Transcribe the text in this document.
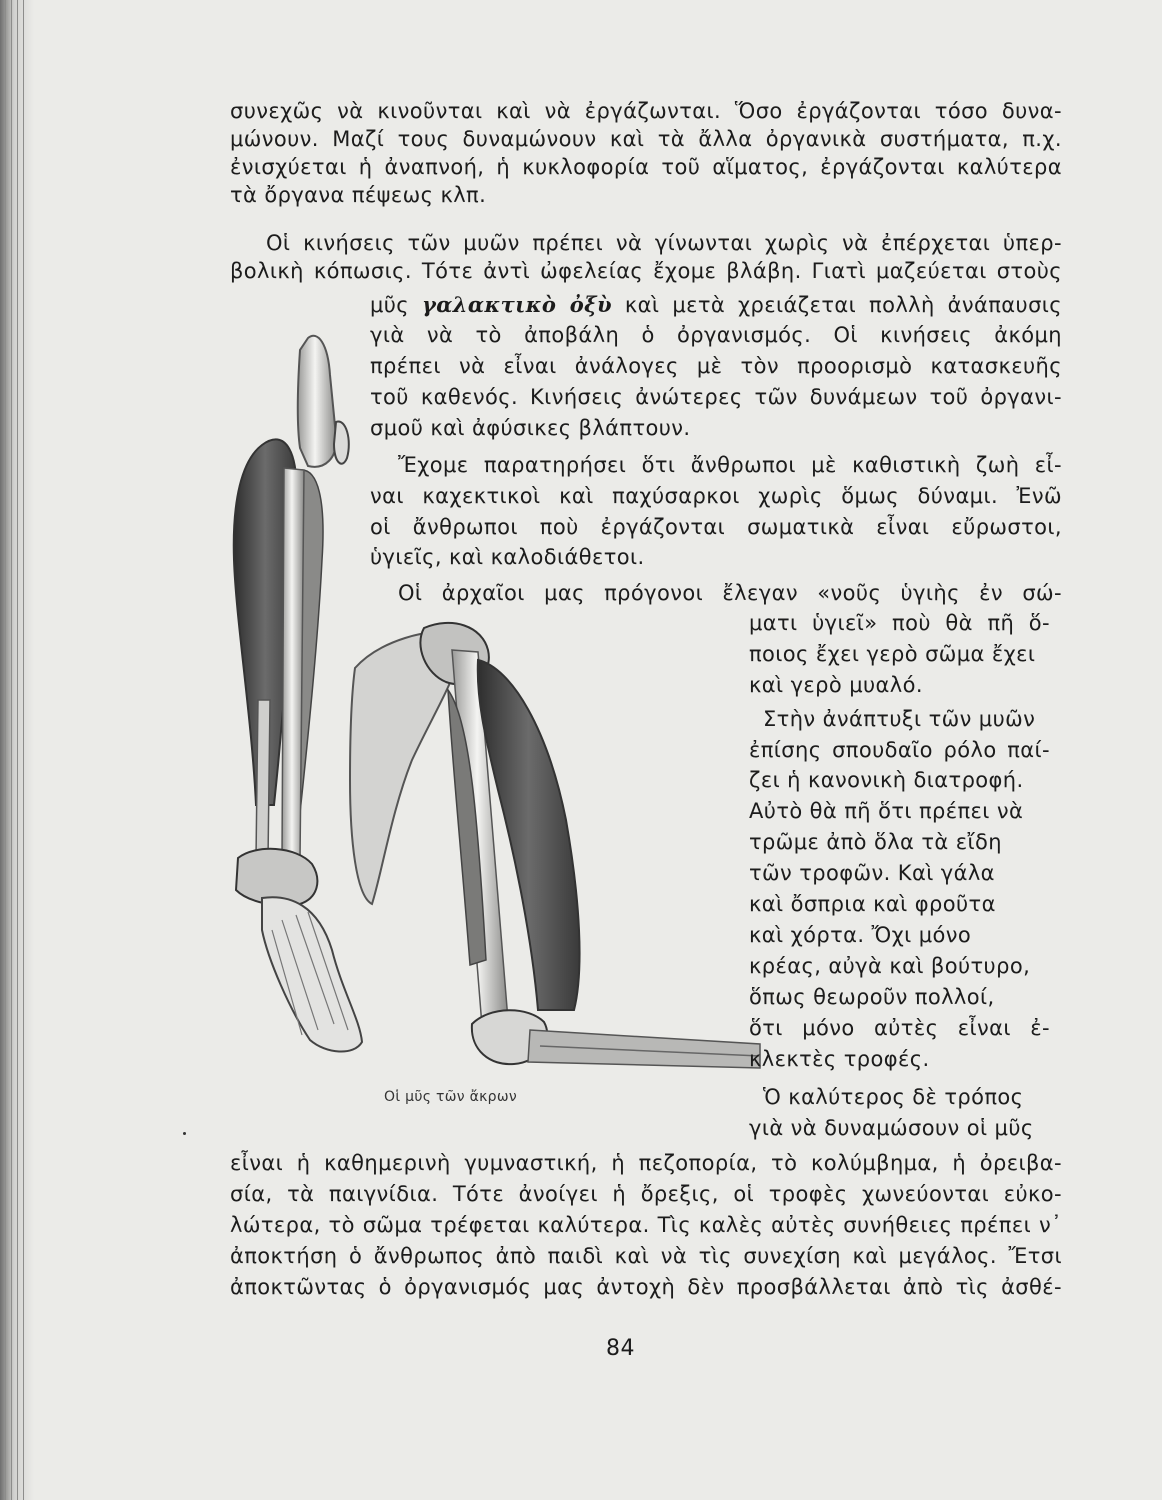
συνεχῶς νὰ κινοῦνται καὶ νὰ ἐργάζωνται. Ὅσο ἐργάζονται τόσο δυνα-
μώνουν. Μαζί τους δυναμώνουν καὶ τὰ ἄλλα ὀργανικὰ συστήματα, π.χ.
ἐνισχύεται ἡ ἀναπνοή, ἡ κυκλοφορία τοῦ αἵματος, ἐργάζονται καλύτερα
τὰ ὄργανα πέψεως κλπ.
Οἱ κινήσεις τῶν μυῶν πρέπει νὰ γίνωνται χωρὶς νὰ ἐπέρχεται ὑπερ-
βολικὴ κόπωσις. Τότε ἀντὶ ὠφελείας ἔχομε βλάβη. Γιατὶ μαζεύεται στοὺς
μῦς γαλακτικὸ ὀξὺ καὶ μετὰ χρειάζεται πολλὴ ἀνάπαυσις
γιὰ νὰ τὸ ἀποβάλη ὁ ὀργανισμός. Οἱ κινήσεις ἀκόμη
πρέπει νὰ εἶναι ἀνάλογες μὲ τὸν προορισμὸ κατασκευῆς
τοῦ καθενός. Κινήσεις ἀνώτερες τῶν δυνάμεων τοῦ ὀργανι-
σμοῦ καὶ ἀφύσικες βλάπτουν.
Ἔχομε παρατηρήσει ὅτι ἄνθρωποι μὲ καθιστικὴ ζωὴ εἶ-
ναι καχεκτικοὶ καὶ παχύσαρκοι χωρὶς ὅμως δύναμι. Ἐνῶ
οἱ ἄνθρωποι ποὺ ἐργάζονται σωματικὰ εἶναι εὔρωστοι,
ὑγιεῖς, καὶ καλοδιάθετοι.
Οἱ ἀρχαῖοι μας πρόγονοι ἔλεγαν «νοῦς ὑγιὴς ἐν σώ-
ματι ὑγιεῖ» ποὺ θὰ πῆ ὅ-
ποιος ἔχει γερὸ σῶμα ἔχει
καὶ γερὸ μυαλό.
Στὴν ἀνάπτυξι τῶν μυῶν
ἐπίσης σπουδαῖο ρόλο παί-
ζει ἡ κανονικὴ διατροφή.
Αὐτὸ θὰ πῆ ὅτι πρέπει νὰ
τρῶμε ἀπὸ ὅλα τὰ εἴδη
τῶν τροφῶν. Καὶ γάλα
καὶ ὄσπρια καὶ φροῦτα
καὶ χόρτα. Ὄχι μόνο
κρέας, αὐγὰ καὶ βούτυρο,
ὅπως θεωροῦν πολλοί,
ὅτι μόνο αὐτὲς εἶναι ἐ-
κλεκτὲς τροφές.
Ὁ καλύτερος δὲ τρόπος
γιὰ νὰ δυναμώσουν οἱ μῦς
εἶναι ἡ καθημερινὴ γυμναστική, ἡ πεζοπορία, τὸ κολύμβημα, ἡ ὀρειβα-
σία, τὰ παιγνίδια. Τότε ἀνοίγει ἡ ὄρεξις, οἱ τροφὲς χωνεύονται εὐκο-
λώτερα, τὸ σῶμα τρέφεται καλύτερα. Τὶς καλὲς αὐτὲς συνήθειες πρέπει ν᾽
ἀποκτήση ὁ ἄνθρωπος ἀπὸ παιδὶ καὶ νὰ τὶς συνεχίση καὶ μεγάλος. Ἔτσι
ἀποκτῶντας ὁ ὀργανισμός μας ἀντοχὴ δὲν προσβάλλεται ἀπὸ τὶς ἀσθέ-
Οἱ μῦς τῶν ἄκρων
84
